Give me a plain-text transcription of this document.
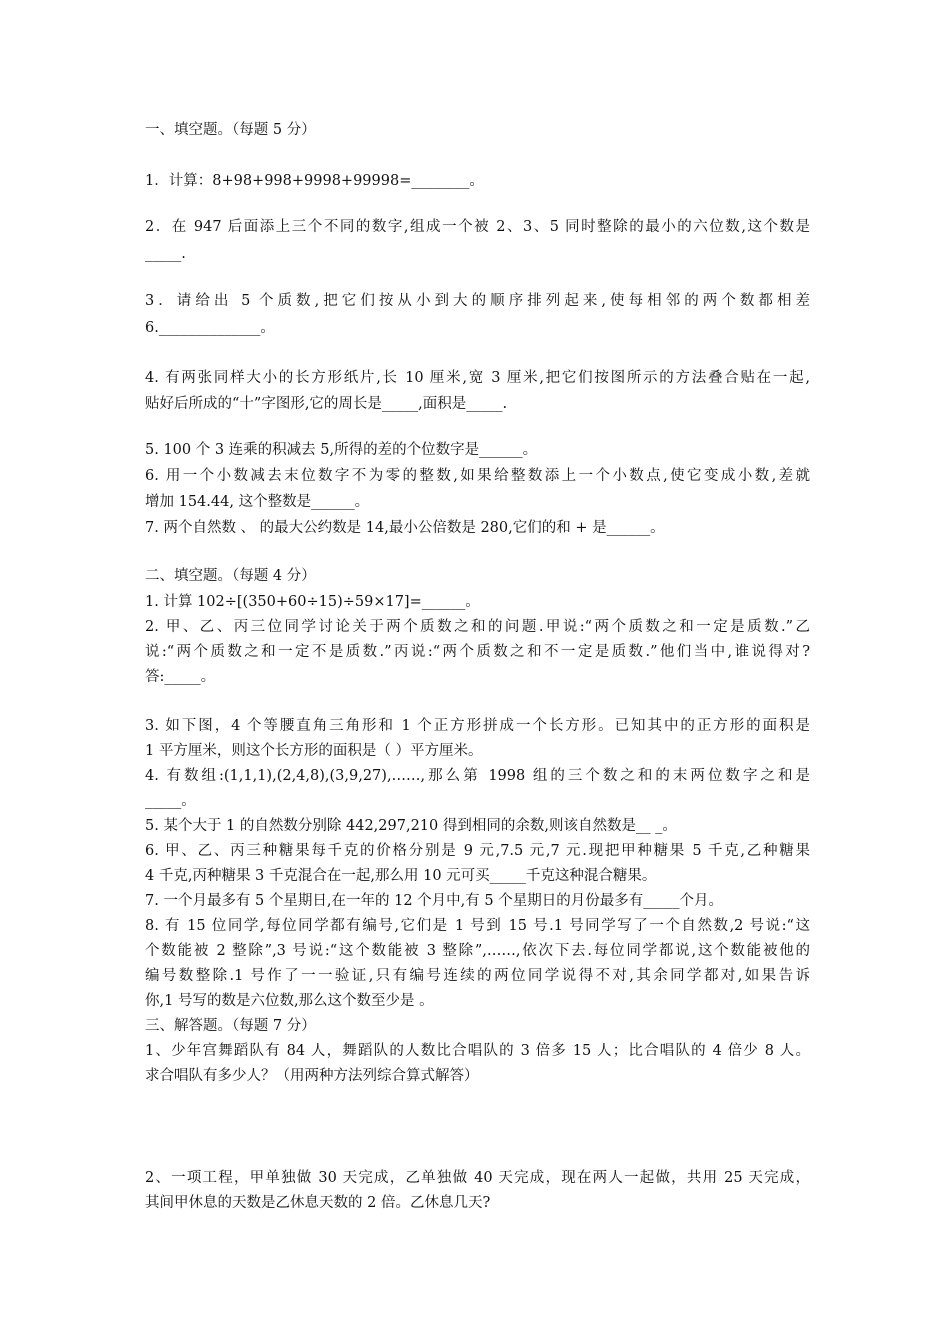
一、填空题。（每题 5 分）
1．计算：8+98+998+9998+99998=________。
2．在 947 后面添上三个不同的数字,组成一个被 2、3、5 同时整除的最小的六位数,这个数是
_____.
3．请给出 5 个质数,把它们按从小到大的顺序排列起来,使每相邻的两个数都相差
6.______________。
4. 有两张同样大小的长方形纸片,长 10 厘米,宽 3 厘米,把它们按图所示的方法叠合贴在一起,
贴好后所成的“十”字图形,它的周长是_____,面积是_____.
5. 100 个 3 连乘的积减去 5,所得的差的个位数字是______。
6. 用一个小数减去末位数字不为零的整数,如果给整数添上一个小数点,使它变成小数,差就
增加 154.44, 这个整数是______。
7. 两个自然数 、 的最大公约数是 14,最小公倍数是 280,它们的和 + 是______。
二、填空题。（每题 4 分）
1. 计算 102÷[(350+60÷15)÷59×17]=______。
2. 甲、乙、丙三位同学讨论关于两个质数之和的问题.甲说:“两个质数之和一定是质数.”乙
说:“两个质数之和一定不是质数.”丙说:“两个质数之和不一定是质数.”他们当中,谁说得对?
答:_____。
3. 如下图，4 个等腰直角三角形和 1 个正方形拼成一个长方形。已知其中的正方形的面积是
1 平方厘米，则这个长方形的面积是（ ）平方厘米。
4. 有数组:(1,1,1),(2,4,8),(3,9,27),……,那么第 1998 组的三个数之和的末两位数字之和是
_____。
5. 某个大于 1 的自然数分别除 442,297,210 得到相同的余数,则该自然数是__ _。
6. 甲、乙、丙三种糖果每千克的价格分别是 9 元,7.5 元,7 元.现把甲种糖果 5 千克,乙种糖果
4 千克,丙种糖果 3 千克混合在一起,那么用 10 元可买_____千克这种混合糖果。
7. 一个月最多有 5 个星期日,在一年的 12 个月中,有 5 个星期日的月份最多有_____个月。
8. 有 15 位同学,每位同学都有编号,它们是 1 号到 15 号.1 号同学写了一个自然数,2 号说:“这
个数能被 2 整除”,3 号说:“这个数能被 3 整除”,……,依次下去.每位同学都说,这个数能被他的
编号数整除.1 号作了一一验证,只有编号连续的两位同学说得不对,其余同学都对,如果告诉
你,1 号写的数是六位数,那么这个数至少是 。
三、解答题。（每题 7 分）
1、少年宫舞蹈队有 84 人，舞蹈队的人数比合唱队的 3 倍多 15 人；比合唱队的 4 倍少 8 人。
求合唱队有多少人？（用两种方法列综合算式解答）
2、一项工程，甲单独做 30 天完成，乙单独做 40 天完成，现在两人一起做，共用 25 天完成，
其间甲休息的天数是乙休息天数的 2 倍。乙休息几天?
